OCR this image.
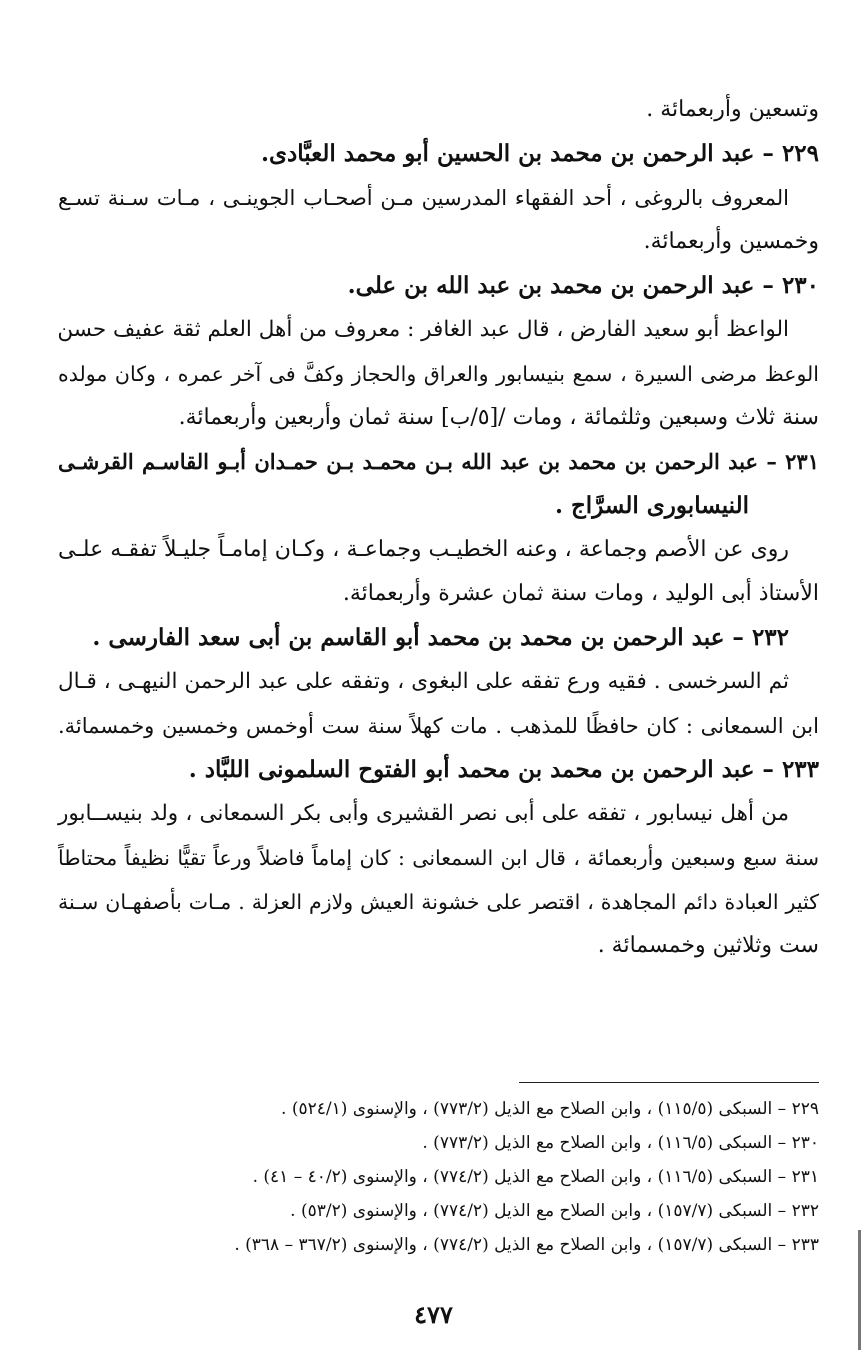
وتسعين وأربعمائة .
٢٢٩ – عبد الرحمن بن محمد بن الحسين أبو محمد العبَّادى.
المعروف بالروغى ، أحد الفقهاء المدرسين مـن أصحـاب الجوينـى ، مـات سـنة تسـع
وخمسين وأربعمائة.
٢٣٠ – عبد الرحمن بن محمد بن عبد الله بن على.
الواعظ أبو سعيد الفارض ، قال عبد الغافر : معروف من أهل العلم ثقة عفيف حسن
الوعظ مرضى السيرة ، سمع بنيسابور والعراق والحجاز وكفَّ فى آخر عمره ، وكان مولده
سنة ثلاث وسبعين وثلثمائة ، ومات /[٥/ب] سنة ثمان وأربعين وأربعمائة.
٢٣١ – عبد الرحمن بن محمد بن عبد الله بـن محمـد بـن حمـدان أبـو القاسـم القرشـى
النيسابورى السرَّاج .
روى عن الأصم وجماعة ، وعنه الخطيـب وجماعـة ، وكـان إمامـاً جليـلاً تفقـه علـى
الأستاذ أبى الوليد ، ومات سنة ثمان عشرة وأربعمائة.
٢٣٢ – عبد الرحمن بن محمد بن محمد أبو القاسم بن أبى سعد الفارسى .
ثم السرخسى . فقيه ورع تفقه على البغوى ، وتفقه على عبد الرحمن النيهـى ، قـال
ابن السمعانى : كان حافظًا للمذهب . مات كهلاً سنة ست أوخمس وخمسين وخمسمائة.
٢٣٣ – عبد الرحمن بن محمد بن محمد أبو الفتوح السلمونى اللبَّاد .
من أهل نيسابور ، تفقه على أبى نصر القشيرى وأبى بكر السمعانى ، ولد بنيســابور
سنة سبع وسبعين وأربعمائة ، قال ابن السمعانى : كان إماماً فاضلاً ورعاً تقيًّا نظيفاً محتاطاً
كثير العبادة دائم المجاهدة ، اقتصر على خشونة العيش ولازم العزلة . مـات بأصفهـان سـنة
ست وثلاثين وخمسمائة .
٢٢٩ – السبكى (١١٥/٥) ، وابن الصلاح مع الذيل (٧٧٣/٢) ، والإسنوى (٥٢٤/١) .
٢٣٠ – السبكى (١١٦/٥) ، وابن الصلاح مع الذيل (٧٧٣/٢) .
٢٣١ – السبكى (١١٦/٥) ، وابن الصلاح مع الذيل (٧٧٤/٢) ، والإسنوى (٤٠/٢ – ٤١) .
٢٣٢ – السبكى (١٥٧/٧) ، وابن الصلاح مع الذيل (٧٧٤/٢) ، والإسنوى (٥٣/٢) .
٢٣٣ – السبكى (١٥٧/٧) ، وابن الصلاح مع الذيل (٧٧٤/٢) ، والإسنوى (٣٦٧/٢ – ٣٦٨) .
٤٧٧
